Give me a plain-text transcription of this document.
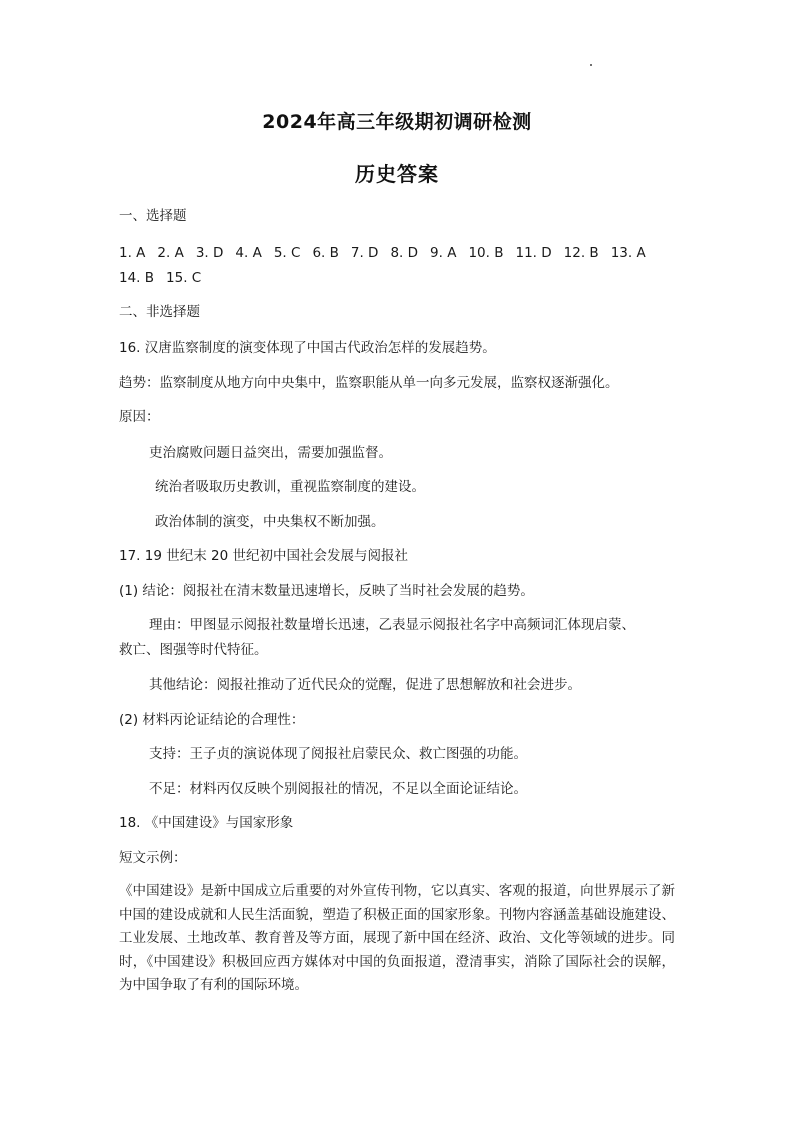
2024年高三年级期初调研检测
历史答案
一、选择题
1. A 2. A 3. D 4. A 5. C 6. B 7. D 8. D 9. A 10. B 11. D 12. B 13. A
14. B 15. C
二、非选择题
16. 汉唐监察制度的演变体现了中国古代政治怎样的发展趋势。
趋势：监察制度从地方向中央集中，监察职能从单一向多元发展，监察权逐渐强化。
原因：
吏治腐败问题日益突出，需要加强监督。
统治者吸取历史教训，重视监察制度的建设。
政治体制的演变，中央集权不断加强。
17. 19 世纪末 20 世纪初中国社会发展与阅报社
(1) 结论：阅报社在清末数量迅速增长，反映了当时社会发展的趋势。
理由：甲图显示阅报社数量增长迅速，乙表显示阅报社名字中高频词汇体现启蒙、
救亡、图强等时代特征。
其他结论：阅报社推动了近代民众的觉醒，促进了思想解放和社会进步。
(2) 材料丙论证结论的合理性：
支持：王子贞的演说体现了阅报社启蒙民众、救亡图强的功能。
不足：材料丙仅反映个别阅报社的情况，不足以全面论证结论。
18. 《中国建设》与国家形象
短文示例：
《中国建设》是新中国成立后重要的对外宣传刊物，它以真实、客观的报道，向世界展示了新中国的建设成就和人民生活面貌，塑造了积极正面的国家形象。刊物内容涵盖基础设施建设、工业发展、土地改革、教育普及等方面，展现了新中国在经济、政治、文化等领域的进步。同时，《中国建设》积极回应西方媒体对中国的负面报道，澄清事实，消除了国际社会的误解，为中国争取了有利的国际环境。
